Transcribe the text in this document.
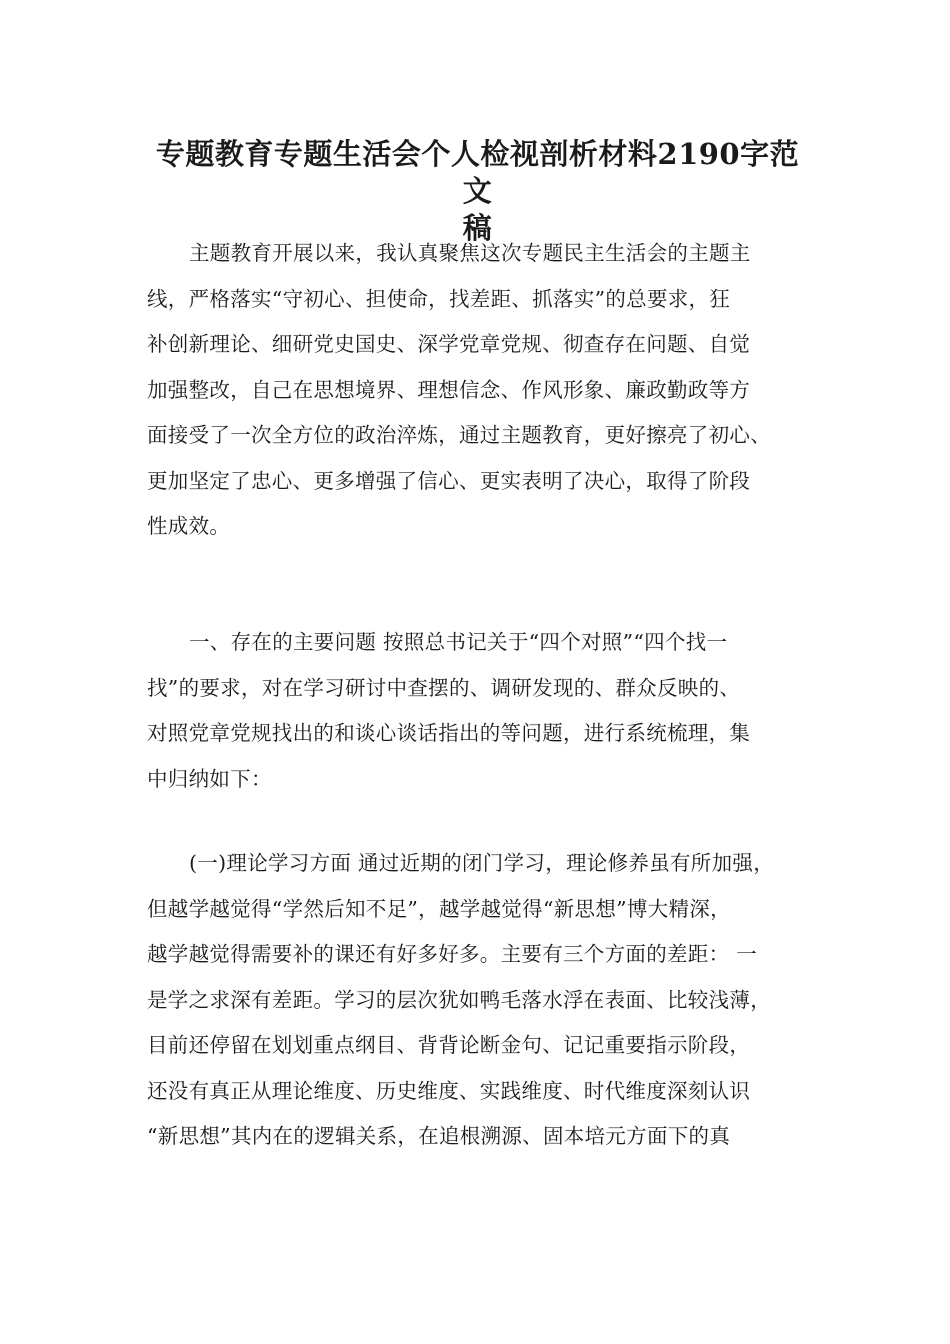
专题教育专题生活会个人检视剖析材料2190字范文
稿

主题教育开展以来，我认真聚焦这次专题民主生活会的主题主
线，严格落实“守初心、担使命，找差距、抓落实”的总要求，狂
补创新理论、细研党史国史、深学党章党规、彻查存在问题、自觉
加强整改，自己在思想境界、理想信念、作风形象、廉政勤政等方
面接受了一次全方位的政治淬炼，通过主题教育，更好擦亮了初心、
更加坚定了忠心、更多增强了信心、更实表明了决心，取得了阶段
性成效。

一、存在的主要问题 按照总书记关于“四个对照”“四个找一
找”的要求，对在学习研讨中查摆的、调研发现的、群众反映的、
对照党章党规找出的和谈心谈话指出的等问题，进行系统梳理，集
中归纳如下：

(一)理论学习方面 通过近期的闭门学习，理论修养虽有所加强，
但越学越觉得“学然后知不足”，越学越觉得“新思想”博大精深，
越学越觉得需要补的课还有好多好多。主要有三个方面的差距： 一
是学之求深有差距。学习的层次犹如鸭毛落水浮在表面、比较浅薄，
目前还停留在划划重点纲目、背背论断金句、记记重要指示阶段，
还没有真正从理论维度、历史维度、实践维度、时代维度深刻认识
“新思想”其内在的逻辑关系，在追根溯源、固本培元方面下的真
